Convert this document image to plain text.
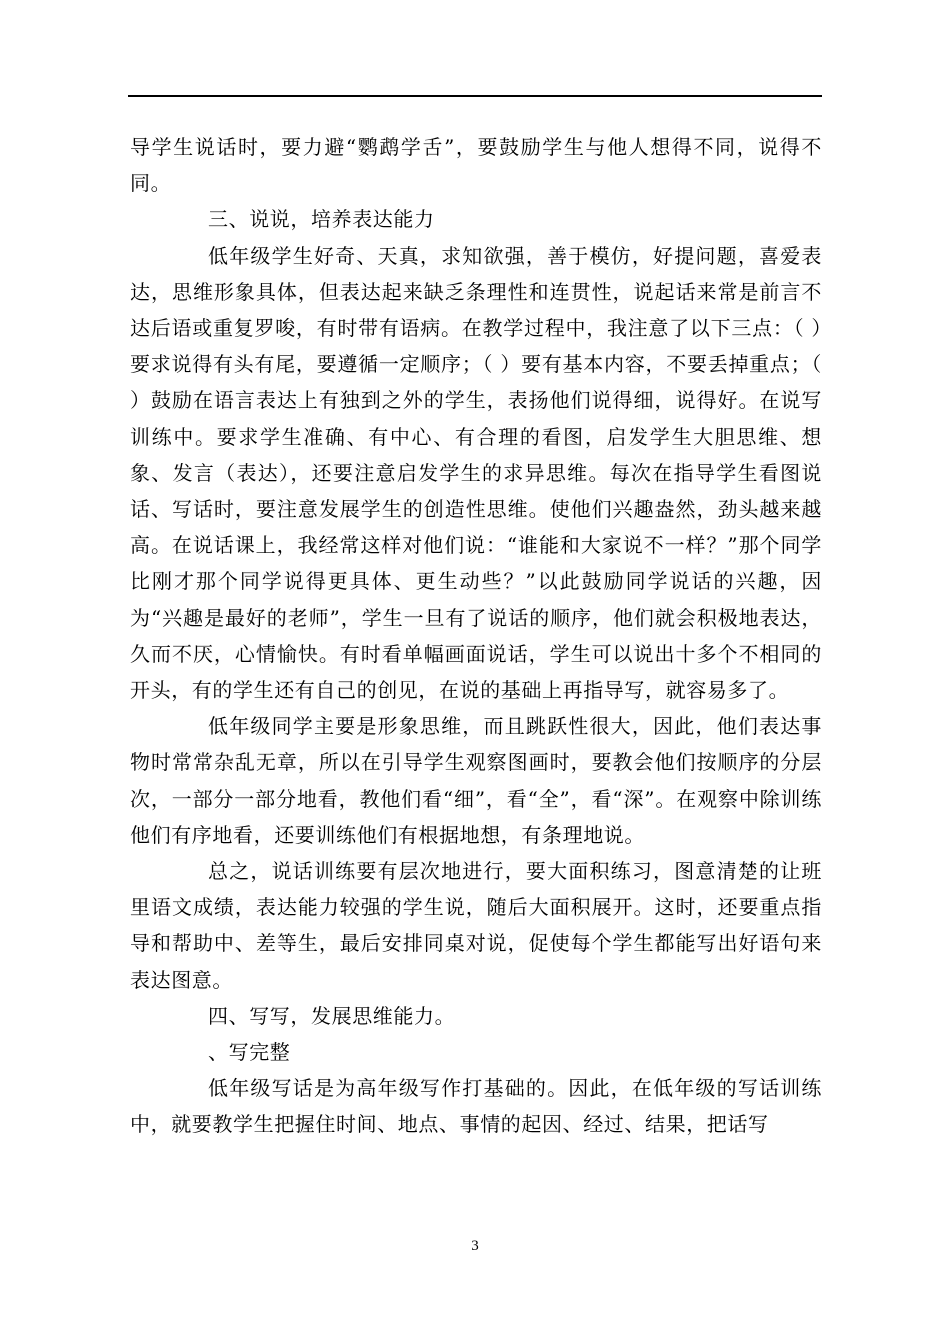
导学生说话时，要力避“鹦鹉学舌”，要鼓励学生与他人想得不同，说得不同。

三、说说，培养表达能力

低年级学生好奇、天真，求知欲强，善于模仿，好提问题，喜爱表达，思维形象具体，但表达起来缺乏条理性和连贯性，说起话来常是前言不达后语或重复罗唆，有时带有语病。在教学过程中，我注意了以下三点：（ ）要求说得有头有尾，要遵循一定顺序；（ ）要有基本内容，不要丢掉重点；（ ）鼓励在语言表达上有独到之外的学生，表扬他们说得细，说得好。在说写训练中。要求学生准确、有中心、有合理的看图，启发学生大胆思维、想象、发言（表达），还要注意启发学生的求异思维。每次在指导学生看图说话、写话时，要注意发展学生的创造性思维。使他们兴趣盎然，劲头越来越高。在说话课上，我经常这样对他们说：“谁能和大家说不一样？”那个同学比刚才那个同学说得更具体、更生动些？”以此鼓励同学说话的兴趣，因为“兴趣是最好的老师”，学生一旦有了说话的顺序，他们就会积极地表达，久而不厌，心情愉快。有时看单幅画面说话，学生可以说出十多个不相同的开头，有的学生还有自己的创见，在说的基础上再指导写，就容易多了。

低年级同学主要是形象思维，而且跳跃性很大，因此，他们表达事物时常常杂乱无章，所以在引导学生观察图画时，要教会他们按顺序的分层次，一部分一部分地看，教他们看“细”，看“全”，看“深”。在观察中除训练他们有序地看，还要训练他们有根据地想，有条理地说。

总之，说话训练要有层次地进行，要大面积练习，图意清楚的让班里语文成绩，表达能力较强的学生说，随后大面积展开。这时，还要重点指导和帮助中、差等生，最后安排同桌对说，促使每个学生都能写出好语句来表达图意。

四、写写，发展思维能力。

、写完整

低年级写话是为高年级写作打基础的。因此，在低年级的写话训练中，就要教学生把握住时间、地点、事情的起因、经过、结果，把话写

3
